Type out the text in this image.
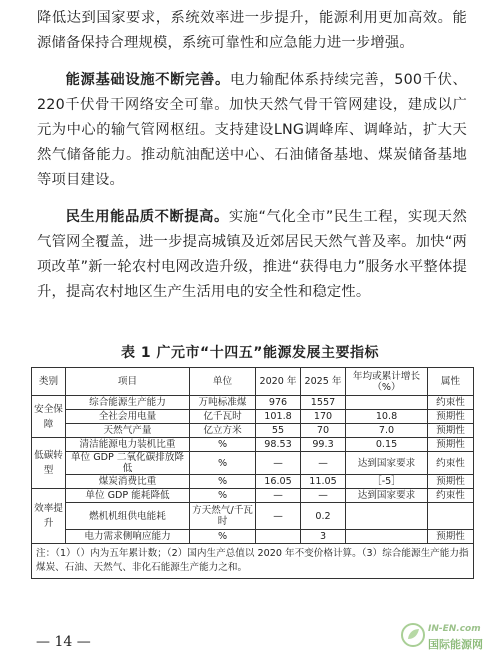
降低达到国家要求，系统效率进一步提升，能源利用更加高效。能源储备保持合理规模，系统可靠性和应急能力进一步增强。

能源基础设施不断完善。电力输配体系持续完善，500千伏、220千伏骨干网络安全可靠。加快天然气骨干管网建设，建成以广元为中心的输气管网枢纽。支持建设LNG调峰库、调峰站，扩大天然气储备能力。推动航油配送中心、石油储备基地、煤炭储备基地等项目建设。

民生用能品质不断提高。实施“气化全市”民生工程，实现天然气管网全覆盖，进一步提高城镇及近郊居民天然气普及率。加快“两项改革”新一轮农村电网改造升级，推进“获得电力”服务水平整体提升，提高农村地区生产生活用电的安全性和稳定性。

表 1 广元市“十四五”能源发展主要指标
类别	项目	单位	2020 年	2025 年	年均或累计增长（%）	属性
安全保障	综合能源生产能力	万吨标准煤	976	1557		约束性
	全社会用电量	亿千瓦时	101.8	170	10.8	预期性
	天然气产量	亿立方米	55	70	7.0	预期性
低碳转型	清洁能源电力装机比重	%	98.53	99.3	0.15	预期性
	单位 GDP 二氧化碳排放降低	%	—	—	达到国家要求	约束性
	煤炭消费比重	%	16.05	11.05	［-5］	预期性
效率提升	单位 GDP 能耗降低	%	—	—	达到国家要求	约束性
	燃机机组供电能耗	方天然气/千瓦时	—	0.2		
	电力需求侧响应能力	%		3		预期性
注：（1）（）内为五年累计数；（2）国内生产总值以 2020 年不变价格计算。（3）综合能源生产能力指煤炭、石油、天然气、非化石能源生产能力之和。						
— 14 —
IN-EN.com
国际能源网
